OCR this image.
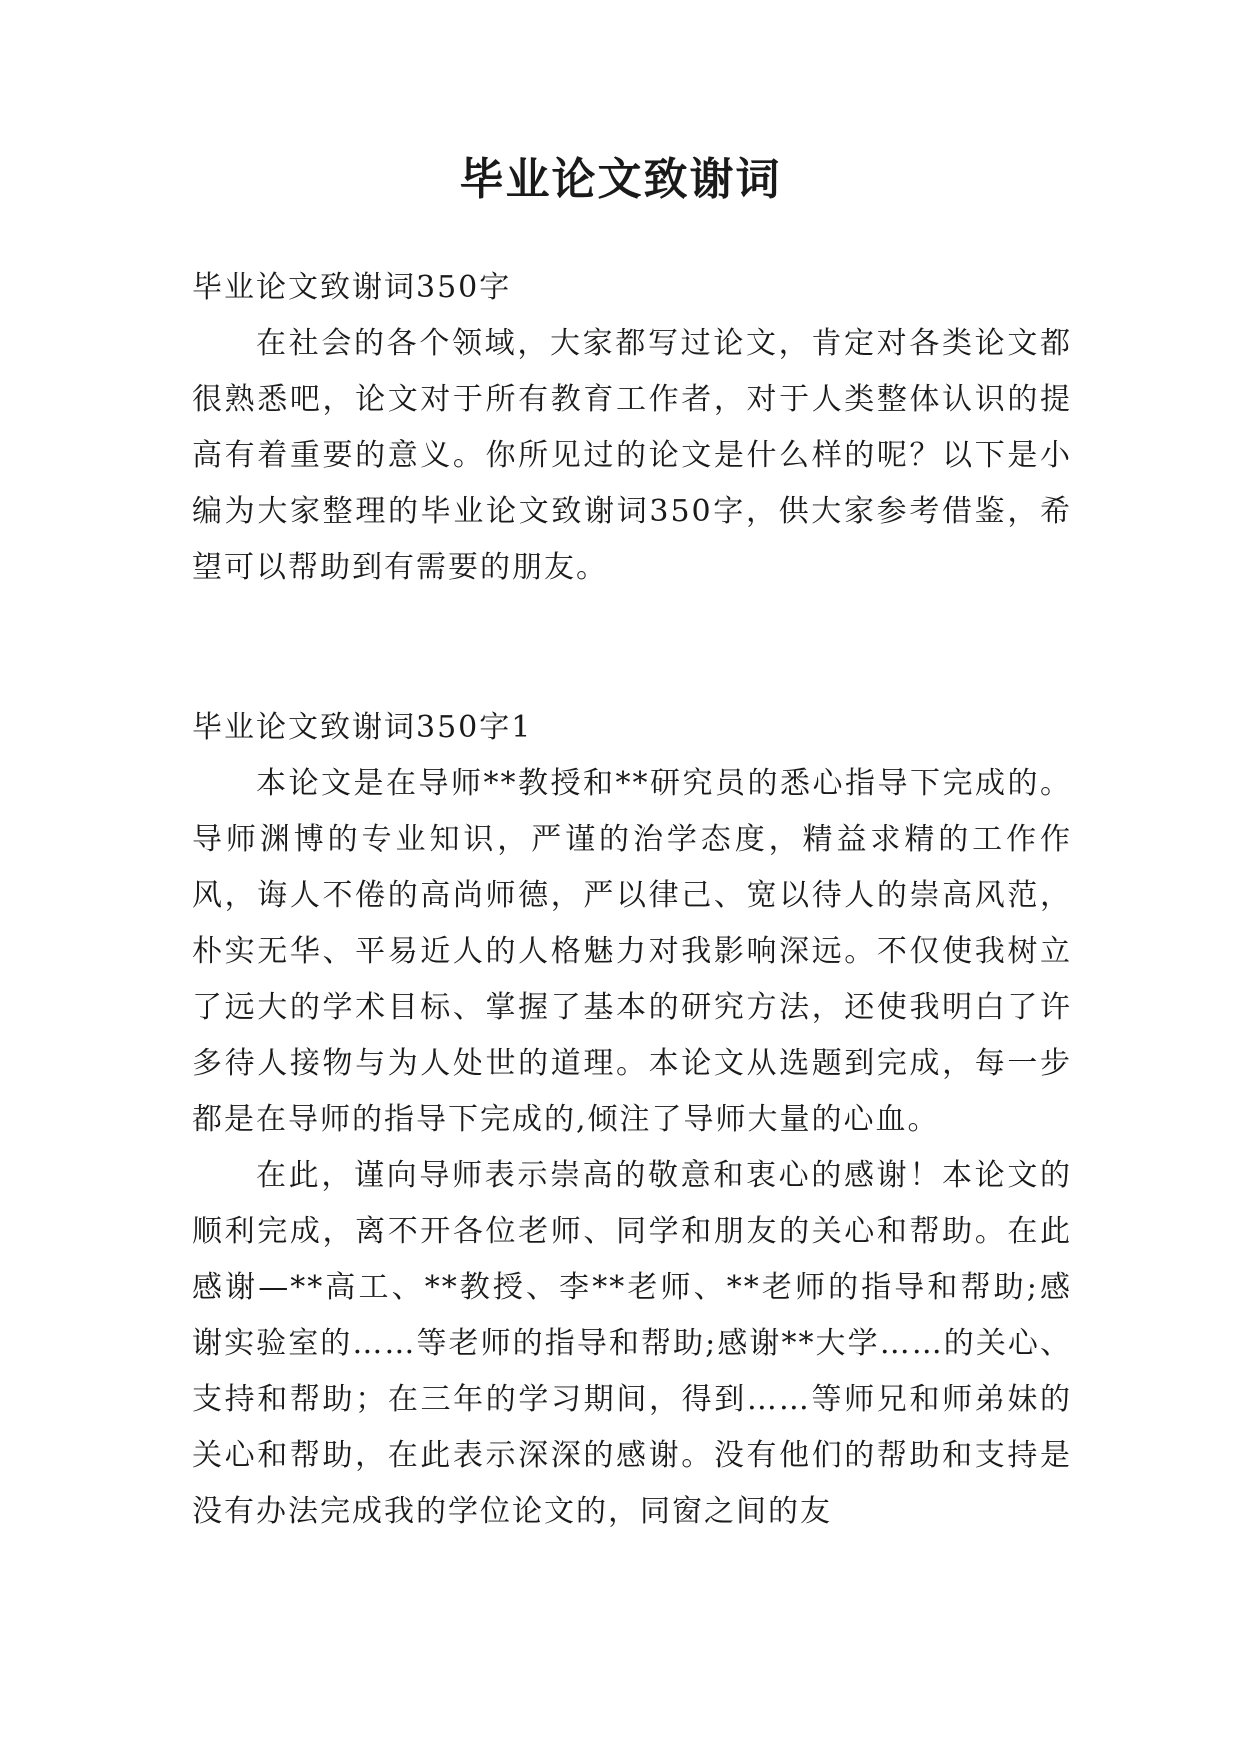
毕业论文致谢词
毕业论文致谢词350字

在社会的各个领域，大家都写过论文，肯定对各类论文都很熟悉吧，论文对于所有教育工作者，对于人类整体认识的提高有着重要的意义。你所见过的论文是什么样的呢？以下是小编为大家整理的毕业论文致谢词350字，供大家参考借鉴，希望可以帮助到有需要的朋友。

毕业论文致谢词350字1

本论文是在导师**教授和**研究员的悉心指导下完成的。导师渊博的专业知识，严谨的治学态度，精益求精的工作作风，诲人不倦的高尚师德，严以律己、宽以待人的崇高风范，朴实无华、平易近人的人格魅力对我影响深远。不仅使我树立了远大的学术目标、掌握了基本的研究方法，还使我明白了许多待人接物与为人处世的道理。本论文从选题到完成，每一步都是在导师的指导下完成的,倾注了导师大量的心血。

在此，谨向导师表示崇高的敬意和衷心的感谢！本论文的顺利完成，离不开各位老师、同学和朋友的关心和帮助。在此感谢—**高工、**教授、李**老师、**老师的指导和帮助;感谢实验室的……等老师的指导和帮助;感谢**大学……的关心、支持和帮助；在三年的学习期间，得到……等师兄和师弟妹的关心和帮助，在此表示深深的感谢。没有他们的帮助和支持是没有办法完成我的学位论文的，同窗之间的友
